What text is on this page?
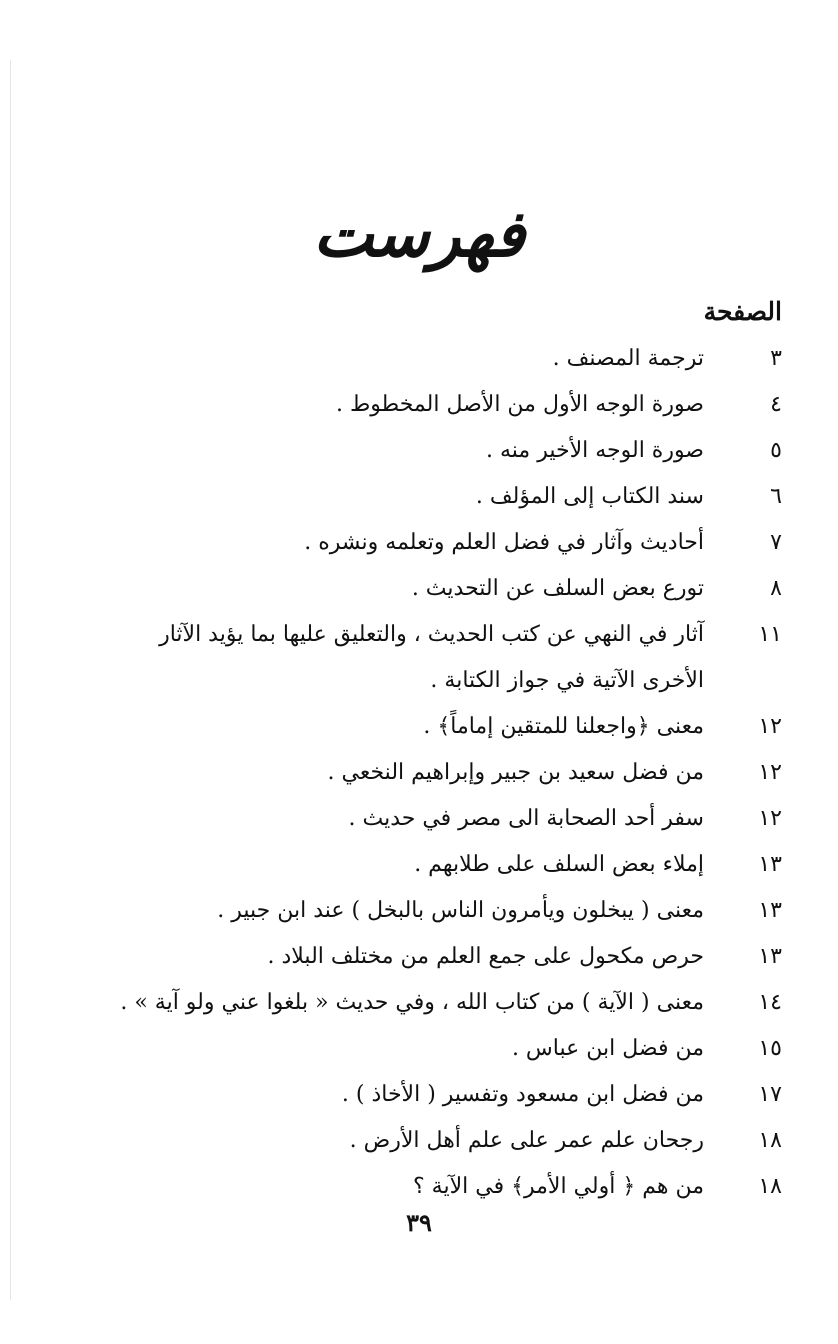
فهرست
الصفحة
٣
ترجمة المصنف .
٤
صورة الوجه الأول من الأصل المخطوط .
٥
صورة الوجه الأخير منه .
٦
سند الكتاب إلى المؤلف .
٧
أحاديث وآثار في فضل العلم وتعلمه ونشره .
٨
تورع بعض السلف عن التحديث .
١١
آثار في النهي عن كتب الحديث ، والتعليق عليها بما يؤيد الآثار
الأخرى الآتية في جواز الكتابة .
١٢
معنى ﴿واجعلنا للمتقين إماماً﴾ .
١٢
من فضل سعيد بن جبير وإبراهيم النخعي .
١٢
سفر أحد الصحابة الى مصر في حديث .
١٣
إملاء بعض السلف على طلابهم .
١٣
معنى ( يبخلون ويأمرون الناس بالبخل ) عند ابن جبير .
١٣
حرص مكحول على جمع العلم من مختلف البلاد .
١٤
معنى ( الآية ) من كتاب الله ، وفي حديث « بلغوا عني ولو آية » .
١٥
من فضل ابن عباس .
١٧
من فضل ابن مسعود وتفسير ( الأخاذ ) .
١٨
رجحان علم عمر على علم أهل الأرض .
١٨
من هم ﴿ أولي الأمر﴾ في الآية ؟
٣٩
